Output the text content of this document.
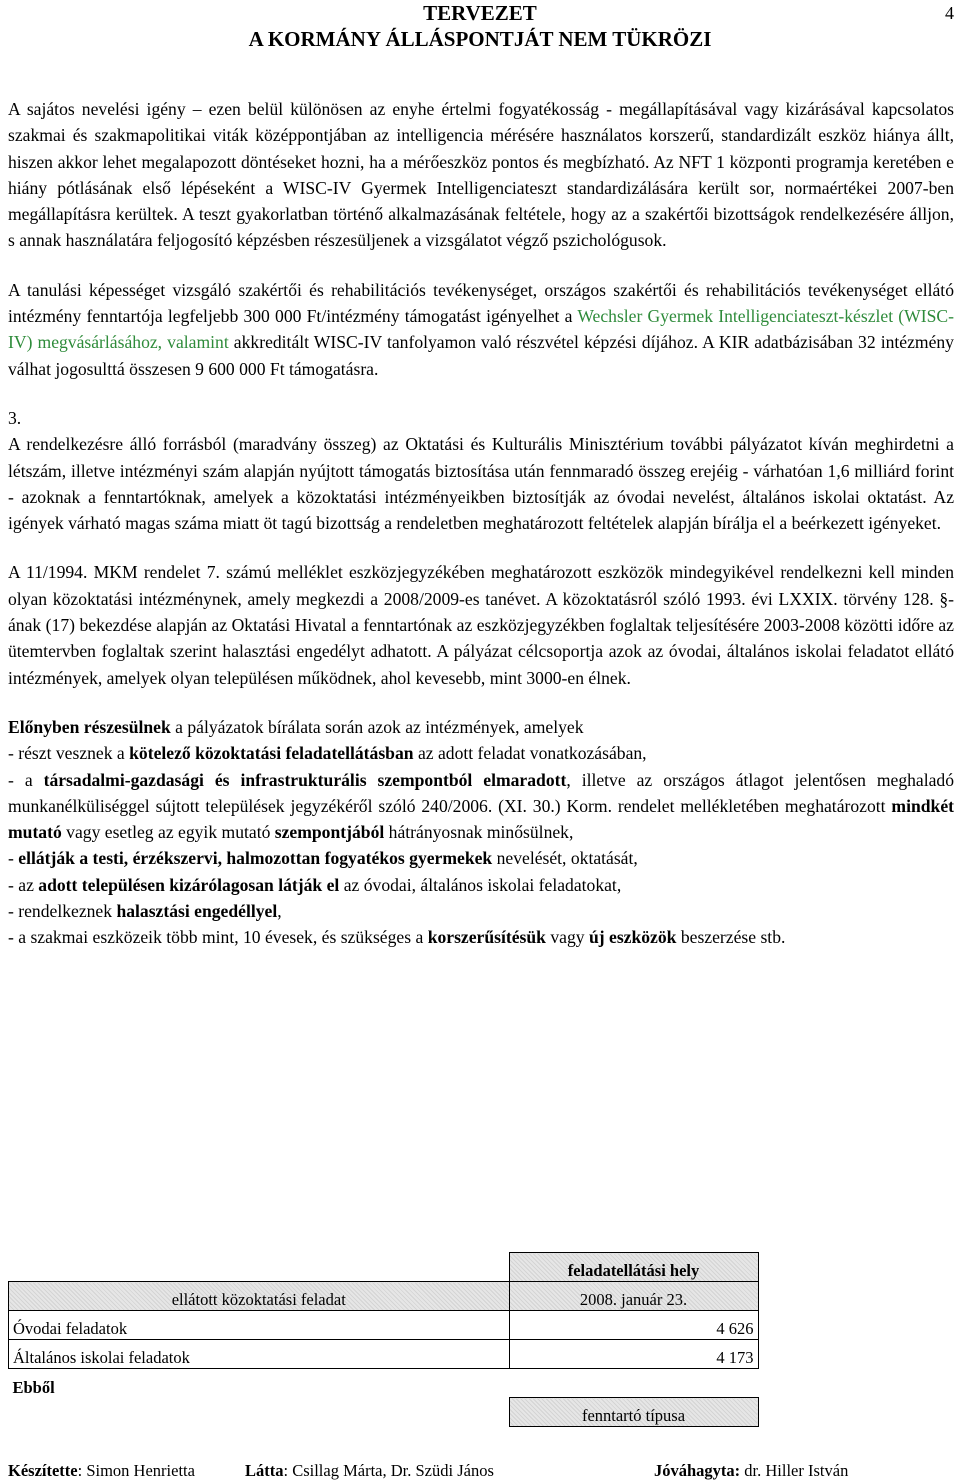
TERVEZET
A KORMÁNY ÁLLÁSPONTJÁT NEM TÜKRÖZI
4

A sajátos nevelési igény – ezen belül különösen az enyhe értelmi fogyatékosság - megállapításával vagy kizárásával kapcsolatos szakmai és szakmapolitikai viták középpontjában az intelligencia mérésére használatos korszerű, standardizált eszköz hiánya állt, hiszen akkor lehet megalapozott döntéseket hozni, ha a mérőeszköz pontos és megbízható. Az NFT 1 központi programja keretében e hiány pótlásának első lépéseként a WISC-IV Gyermek Intelligenciateszt standardizálására került sor, normaértékei 2007-ben megállapításra kerültek. A teszt gyakorlatban történő alkalmazásának feltétele, hogy az a szakértői bizottságok rendelkezésére álljon, s annak használatára feljogosító képzésben részesüljenek a vizsgálatot végző pszichológusok.

A tanulási képességet vizsgáló szakértői és rehabilitációs tevékenységet, országos szakértői és rehabilitációs tevékenységet ellátó intézmény fenntartója legfeljebb 300 000 Ft/intézmény támogatást igényelhet a Wechsler Gyermek Intelligenciateszt-készlet (WISC-IV) megvásárlásához, valamint akkreditált WISC-IV tanfolyamon való részvétel képzési díjához. A KIR adatbázisában 32 intézmény válhat jogosulttá összesen 9 600 000 Ft támogatásra.

3.

A rendelkezésre álló forrásból (maradvány összeg) az Oktatási és Kulturális Minisztérium további pályázatot kíván meghirdetni a létszám, illetve intézményi szám alapján nyújtott támogatás biztosítása után fennmaradó összeg erejéig - várhatóan 1,6 milliárd forint - azoknak a fenntartóknak, amelyek a közoktatási intézményeikben biztosítják az óvodai nevelést, általános iskolai oktatást. Az igények várható magas száma miatt öt tagú bizottság a rendeletben meghatározott feltételek alapján bírálja el a beérkezett igényeket.

A 11/1994. MKM rendelet 7. számú melléklet eszközjegyzékében meghatározott eszközök mindegyikével rendelkezni kell minden olyan közoktatási intézménynek, amely megkezdi a 2008/2009-es tanévet. A közoktatásról szóló 1993. évi LXXIX. törvény 128. §-ának (17) bekezdése alapján az Oktatási Hivatal a fenntartónak az eszközjegyzékben foglaltak teljesítésére 2003-2008 közötti időre az ütemtervben foglaltak szerint halasztási engedélyt adhatott. A pályázat célcsoportja azok az óvodai, általános iskolai feladatot ellátó intézmények, amelyek olyan településen működnek, ahol kevesebb, mint 3000-en élnek.

Előnyben részesülnek a pályázatok bírálata során azok az intézmények, amelyek
- részt vesznek a kötelező közoktatási feladatellátásban az adott feladat vonatkozásában,
- a társadalmi-gazdasági és infrastrukturális szempontból elmaradott, illetve az országos átlagot jelentősen meghaladó munkanélküliséggel sújtott települések jegyzékéről szóló 240/2006. (XI. 30.) Korm. rendelet mellékletében meghatározott mindkét mutató vagy esetleg az egyik mutató szempontjából hátrányosnak minősülnek,
- ellátják a testi, érzékszervi, halmozottan fogyatékos gyermekek nevelését, oktatását,
- az adott településen kizárólagosan látják el az óvodai, általános iskolai feladatokat,
- rendelkeznek halasztási engedéllyel,
- a szakmai eszközeik több mint, 10 évesek, és szükséges a korszerűsítésük vagy új eszközök beszerzése stb.
	feladatellátási hely
ellátott közoktatási feladat	2008. január 23.
Óvodai feladatok	4 626
Általános iskolai feladatok	4 173
Ebből	
	fenntartó típusa
Készítette: Simon Henrietta	Látta: Csillag Márta, Dr. Szüdi János	Jóváhagyta: dr. Hiller István
